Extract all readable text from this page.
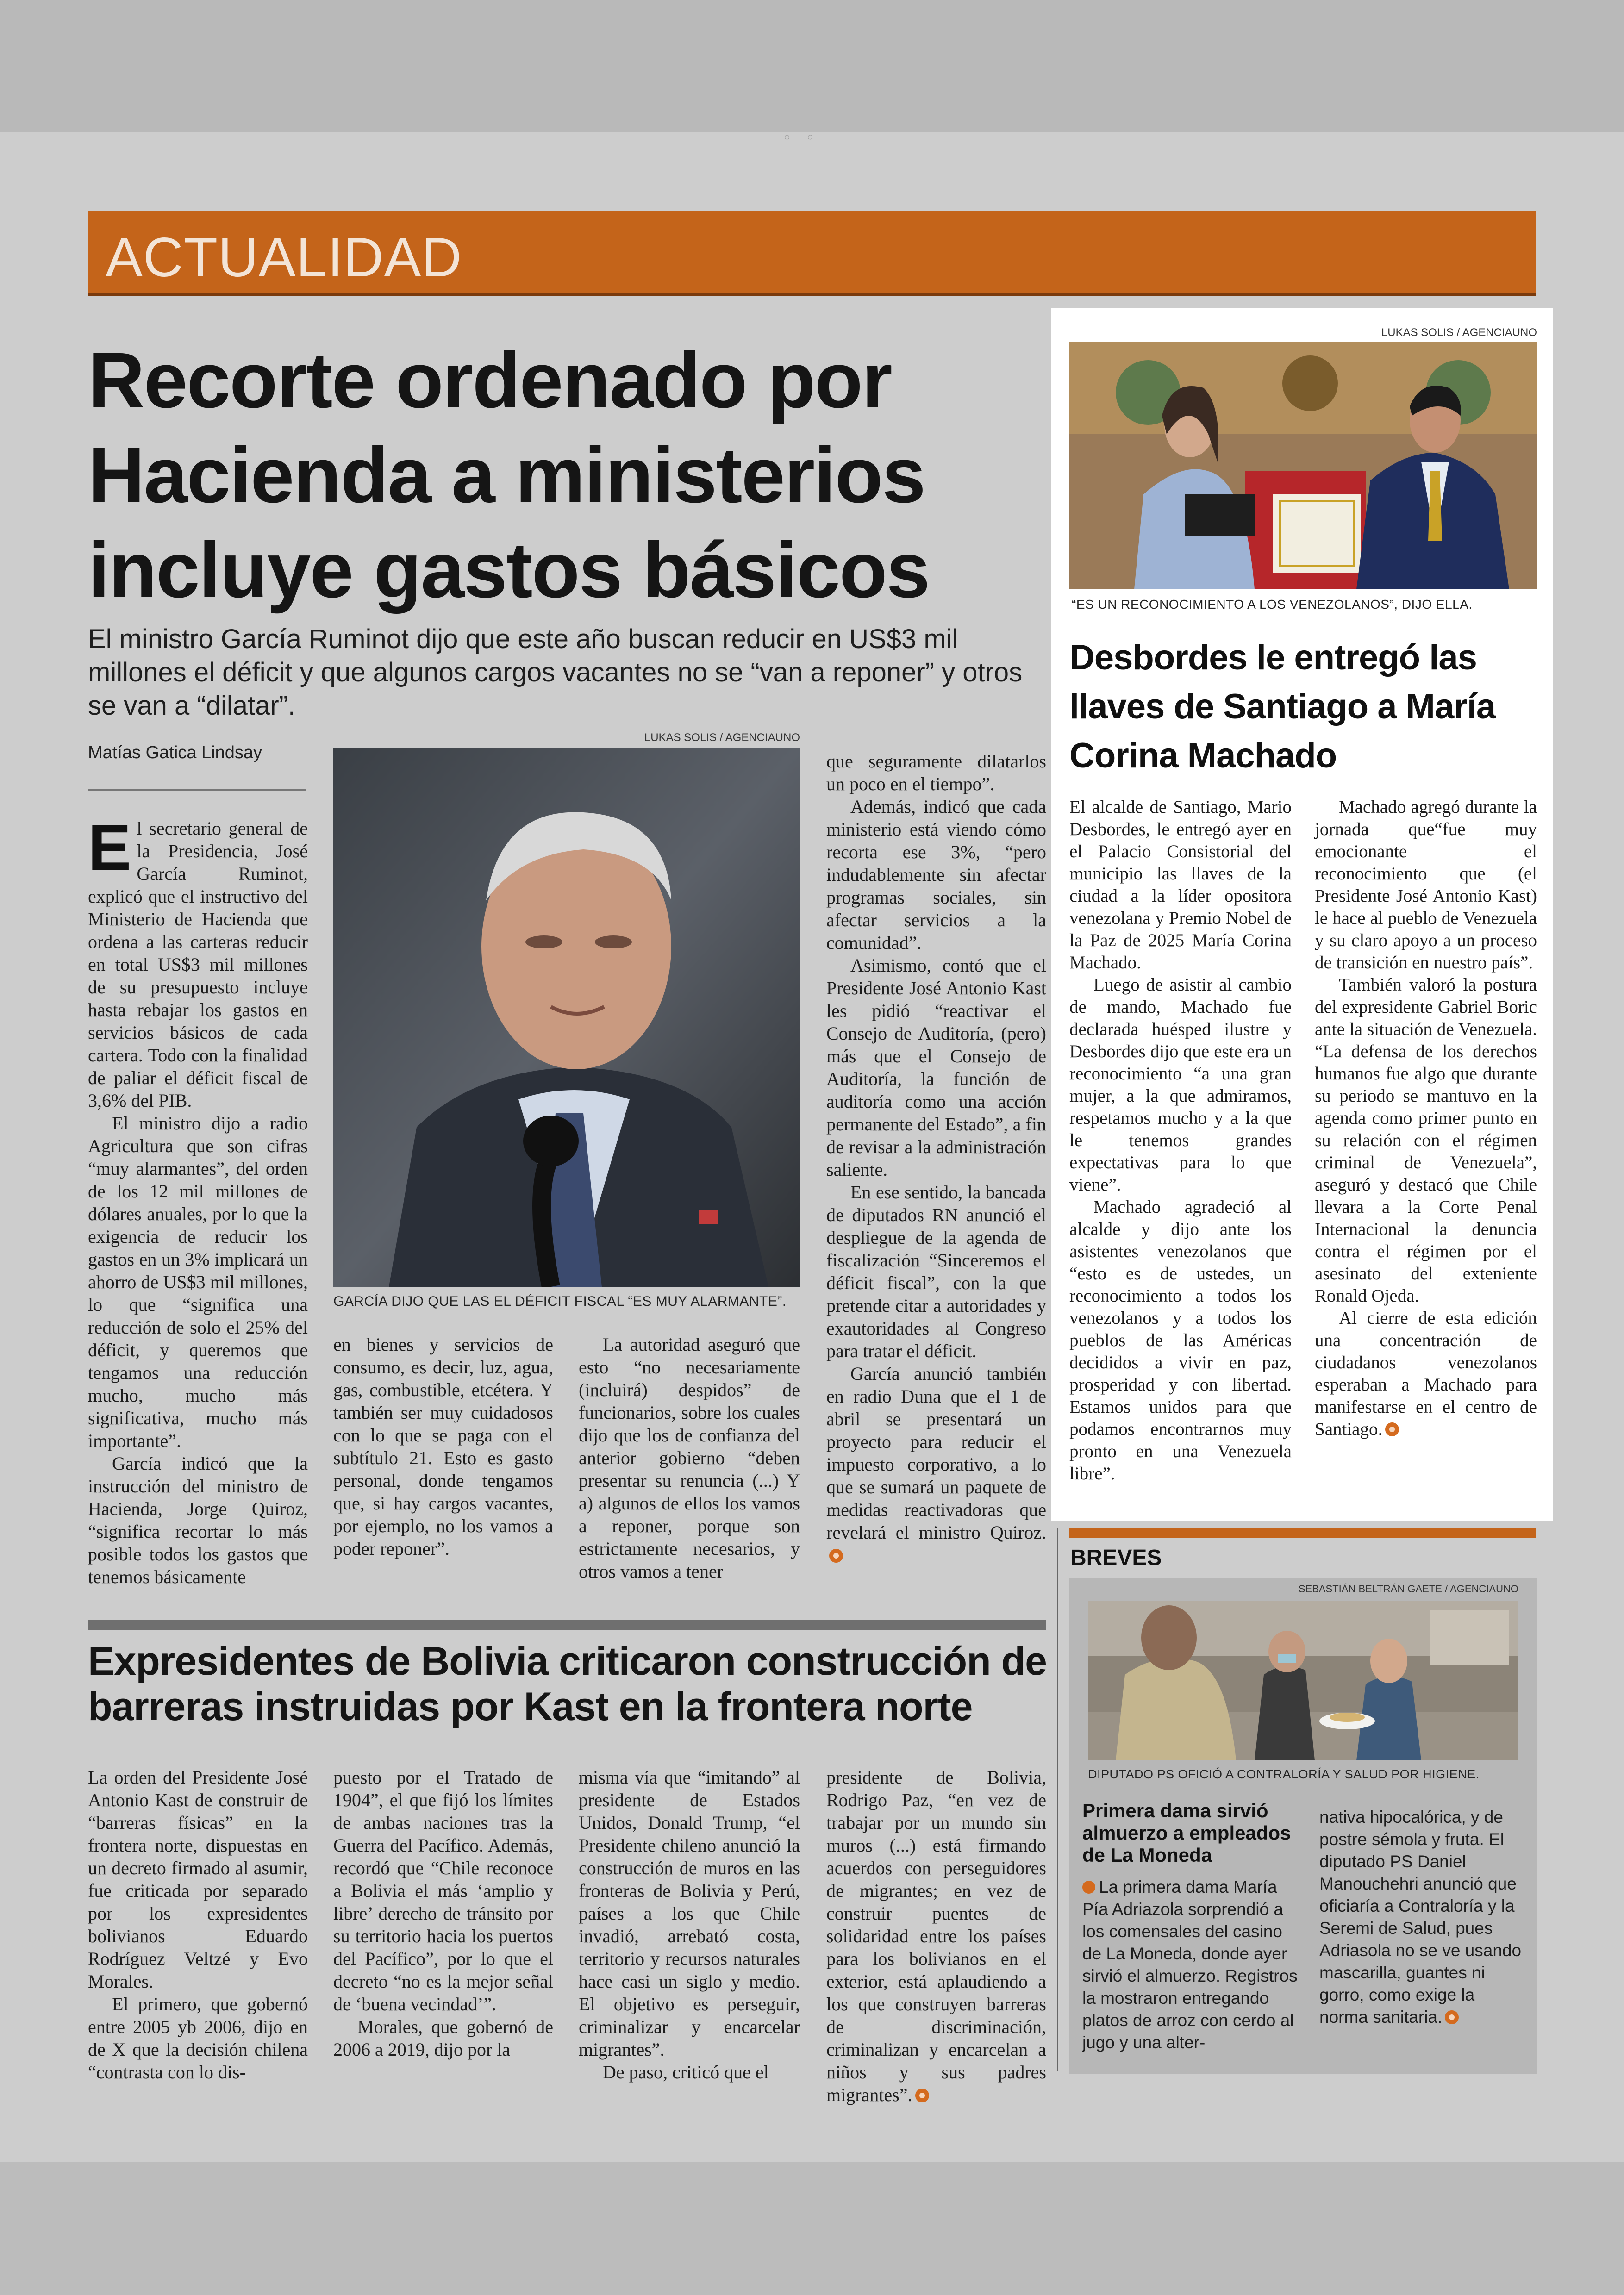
◦◦
ACTUALIDAD
Recorte ordenado por Hacienda a ministerios incluye gastos básicos

El ministro García Ruminot dijo que este año buscan reducir en US$3 mil millones el déficit y que algunos cargos vacantes no se “van a reponer” y otros se van a “dilatar”.

Matías Gatica Lindsay

El secretario general de la Presidencia, José García Ruminot, explicó que el instructivo del Ministerio de Hacienda que ordena a las carteras reducir en total US$3 mil millones de su presupuesto incluye hasta rebajar los gastos en servicios básicos de cada cartera. Todo con la finalidad de paliar el déficit fiscal de 3,6% del PIB.

El ministro dijo a radio Agricultura que son cifras “muy alarmantes”, del orden de los 12 mil millones de dólares anuales, por lo que la exigencia de reducir los gastos en un 3% implicará un ahorro de US$3 mil millones, lo que “significa una reducción de solo el 25% del déficit, y queremos que tengamos una reducción mucho, mucho más significativa, mucho más importante”.

García indicó que la instrucción del ministro de Hacienda, Jorge Quiroz, “significa recortar lo más posible todos los gastos que tenemos básicamente

LUKAS SOLIS / AGENCIAUNO
GARCÍA DIJO QUE LAS EL DÉFICIT FISCAL “ES MUY ALARMANTE”.

en bienes y servicios de consumo, es decir, luz, agua, gas, combustible, etcétera. Y también ser muy cuidadosos con lo que se paga con el subtítulo 21. Esto es gasto personal, donde tengamos que, si hay cargos vacantes, por ejemplo, no los vamos a poder reponer”.

La autoridad aseguró que esto “no necesariamente (incluirá) despidos” de funcionarios, sobre los cuales dijo que los de confianza del anterior gobierno “deben presentar su renuncia (...) Y a) algunos de ellos los vamos a reponer, porque son estrictamente necesarios, y otros vamos a tener

que seguramente dilatarlos un poco en el tiempo”.

Además, indicó que cada ministerio está viendo cómo recorta ese 3%, “pero indudablemente sin afectar programas sociales, sin afectar servicios a la comunidad”.

Asimismo, contó que el Presidente José Antonio Kast les pidió “reactivar el Consejo de Auditoría, (pero) más que el Consejo de Auditoría, la función de auditoría como una acción permanente del Estado”, a fin de revisar a la administración saliente.

En ese sentido, la bancada de diputados RN anunció el despliegue de la agenda de fiscalización “Sinceremos el déficit fiscal”, con la que pretende citar a autoridades y exautoridades al Congreso para tratar el déficit.

García anunció también en radio Duna que el 1 de abril se presentará un proyecto para reducir el impuesto corporativo, a lo que se sumará un paquete de medidas reactivadoras que revelará el ministro Quiroz.

LUKAS SOLIS / AGENCIAUNO
“ES UN RECONOCIMIENTO A LOS VENEZOLANOS”, DIJO ELLA.
Desbordes le entregó las llaves de Santiago a María Corina Machado

El alcalde de Santiago, Mario Desbordes, le entregó ayer en el Palacio Consistorial del municipio las llaves de la ciudad a la líder opositora venezolana y Premio Nobel de la Paz de 2025 María Corina Machado.

Luego de asistir al cambio de mando, Machado fue declarada huésped ilustre y Desbordes dijo que este era un reconocimiento “a una gran mujer, a la que admiramos, respetamos mucho y a la que le tenemos grandes expectativas para lo que viene”.

Machado agradeció al alcalde y dijo ante los asistentes venezolanos que “esto es de ustedes, un reconocimiento a todos los venezolanos y a todos los pueblos de las Américas decididos a vivir en paz, prosperidad y con libertad. Estamos unidos para que podamos encontrarnos muy pronto en una Venezuela libre”.

Machado agregó durante la jornada que“fue muy emocionante el reconocimiento que (el Presidente José Antonio Kast) le hace al pueblo de Venezuela y su claro apoyo a un proceso de transición en nuestro país”.

También valoró la postura del expresidente Gabriel Boric ante la situación de Venezuela. “La defensa de los derechos humanos fue algo que durante su periodo se mantuvo en la agenda como primer punto en su relación con el régimen criminal de Venezuela”, aseguró y destacó que Chile llevara a la Corte Penal Internacional la denuncia contra el régimen por el asesinato del exteniente Ronald Ojeda.

Al cierre de esta edición una concentración de ciudadanos venezolanos esperaban a Machado para manifestarse en el centro de Santiago.

BREVES
SEBASTIÁN BELTRÁN GAETE / AGENCIAUNO
DIPUTADO PS OFICIÓ A CONTRALORÍA Y SALUD POR HIGIENE.
Primera dama sirvió almuerzo a empleados de La Moneda

La primera dama María Pía Adriazola sorprendió a los comensales del casino de La Moneda, donde ayer sirvió el almuerzo. Registros la mostraron entregando platos de arroz con cerdo al jugo y una alter-

nativa hipocalórica, y de postre sémola y fruta. El diputado PS Daniel Manouchehri anunció que oficiaría a Contraloría y la Seremi de Salud, pues Adriasola no se ve usando mascarilla, guantes ni gorro, como exige la norma sanitaria.

Expresidentes de Bolivia criticaron construcción de barreras instruidas por Kast en la frontera norte

La orden del Presidente José Antonio Kast de construir de “barreras físicas” en la frontera norte, dispuestas en un decreto firmado al asumir, fue criticada por separado por los expresidentes bolivianos Eduardo Rodríguez Veltzé y Evo Morales.

El primero, que gobernó entre 2005 yb 2006, dijo en de X que la decisión chilena “contrasta con lo dis-

puesto por el Tratado de 1904”, el que fijó los límites de ambas naciones tras la Guerra del Pacífico. Además, recordó que “Chile reconoce a Bolivia el más ‘amplio y libre’ derecho de tránsito por su territorio hacia los puertos del Pacífico”, por lo que el decreto “no es la mejor señal de ‘buena vecindad’”.

Morales, que gobernó de 2006 a 2019, dijo por la

misma vía que “imitando” al presidente de Estados Unidos, Donald Trump, “el Presidente chileno anunció la construcción de muros en las fronteras de Bolivia y Perú, países a los que Chile invadió, arrebató costa, territorio y recursos naturales hace casi un siglo y medio. El objetivo es perseguir, criminalizar y encarcelar migrantes”.

De paso, criticó que el

presidente de Bolivia, Rodrigo Paz, “en vez de trabajar por un mundo sin muros (...) está firmando acuerdos con perseguidores de migrantes; en vez de construir puentes de solidaridad entre los países para los bolivianos en el exterior, está aplaudiendo a los que construyen barreras de discriminación, criminalizan y encarcelan a niños y sus padres migrantes”.
